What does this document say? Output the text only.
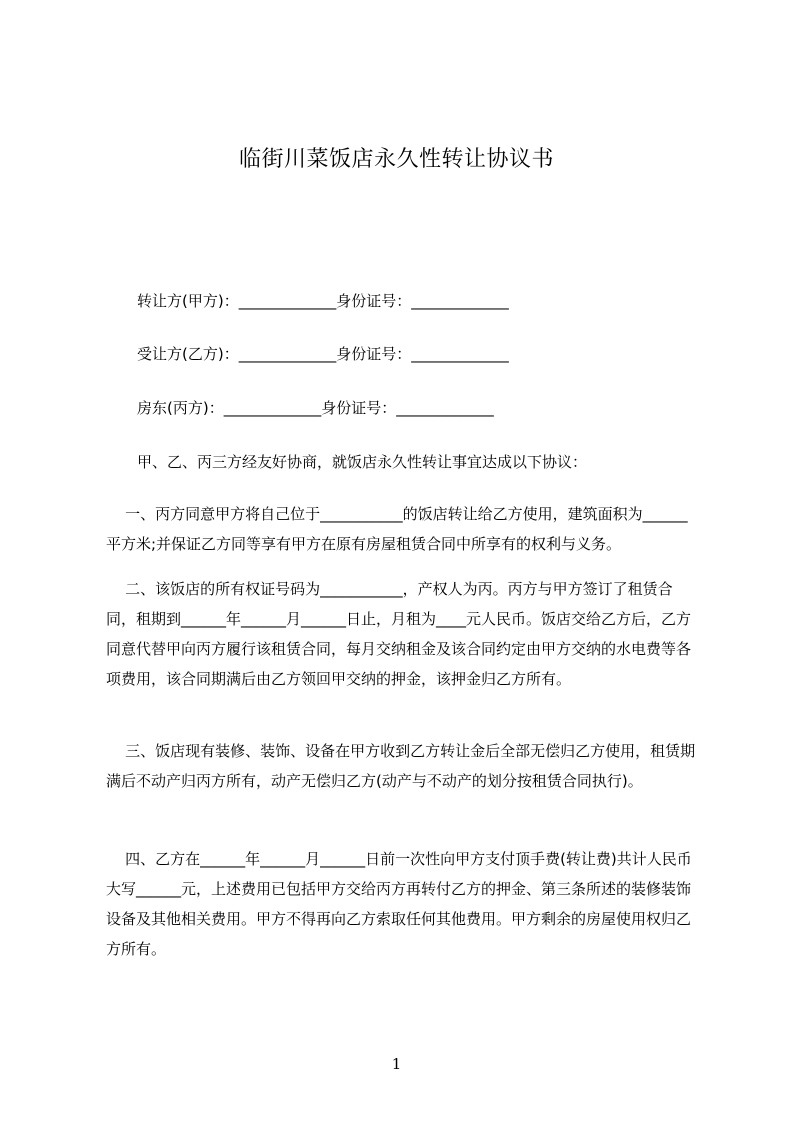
临街川菜饭店永久性转让协议书
转让方(甲方)：_____________身份证号：_____________
受让方(乙方)：_____________身份证号：_____________
房东(丙方)：_____________身份证号：_____________
甲、乙、丙三方经友好协商，就饭店永久性转让事宜达成以下协议：
一、丙方同意甲方将自己位于___________的饭店转让给乙方使用，建筑面积为______平方米;并保证乙方同等享有甲方在原有房屋租赁合同中所享有的权利与义务。
二、该饭店的所有权证号码为___________，产权人为丙。丙方与甲方签订了租赁合同，租期到______年______月______日止，月租为____元人民币。饭店交给乙方后，乙方同意代替甲向丙方履行该租赁合同，每月交纳租金及该合同约定由甲方交纳的水电费等各项费用，该合同期满后由乙方领回甲交纳的押金，该押金归乙方所有。
三、饭店现有装修、装饰、设备在甲方收到乙方转让金后全部无偿归乙方使用，租赁期满后不动产归丙方所有，动产无偿归乙方(动产与不动产的划分按租赁合同执行)。
四、乙方在______年______月______日前一次性向甲方支付顶手费(转让费)共计人民币大写______元，上述费用已包括甲方交给丙方再转付乙方的押金、第三条所述的装修装饰设备及其他相关费用。甲方不得再向乙方索取任何其他费用。甲方剩余的房屋使用权归乙方所有。
1
